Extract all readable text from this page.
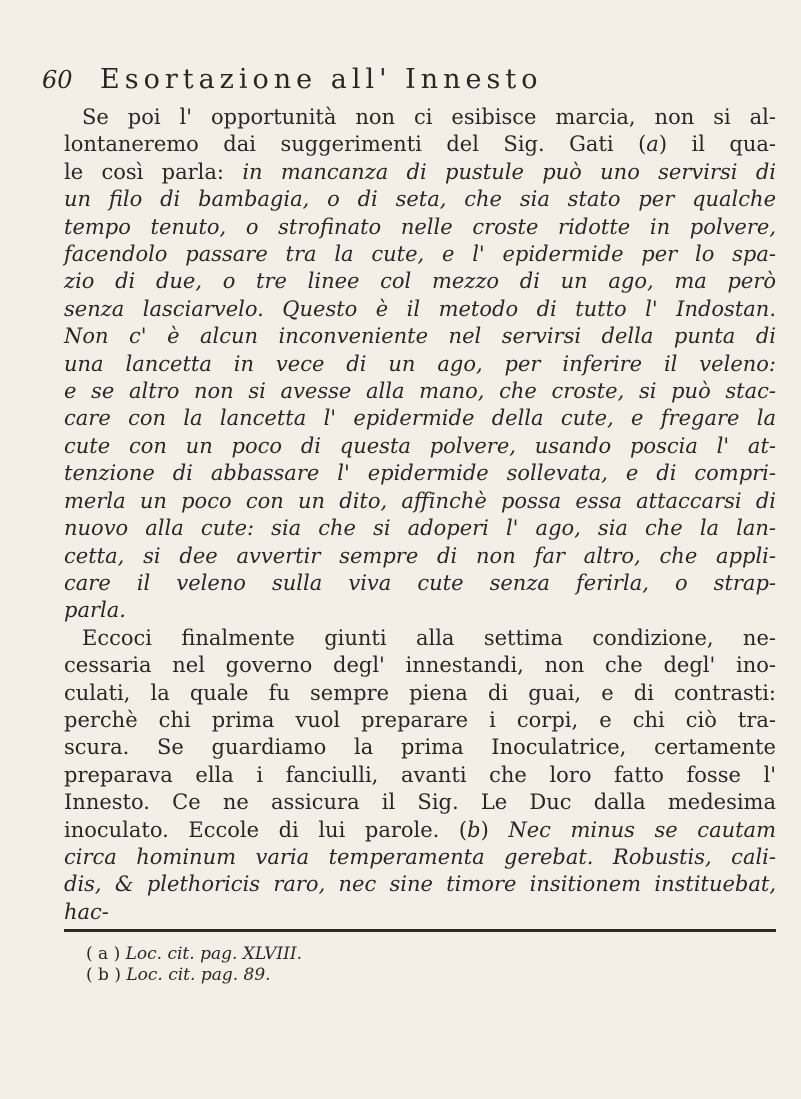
60 Esortazione all' Innesto

Se poi l' opportunità non ci esibisce marcia, non si al-

lontaneremo dai suggerimenti del Sig. Gati (a) il qua-

le così parla: in mancanza di pustule può uno servirsi di

un filo di bambagia, o di seta, che sia stato per qualche

tempo tenuto, o strofinato nelle croste ridotte in polvere,

facendolo passare tra la cute, e l' epidermide per lo spa-

zio di due, o tre linee col mezzo di un ago, ma però

senza lasciarvelo. Questo è il metodo di tutto l' Indostan.

Non c' è alcun inconveniente nel servirsi della punta di

una lancetta in vece di un ago, per inferire il veleno:

e se altro non si avesse alla mano, che croste, si può stac-

care con la lancetta l' epidermide della cute, e fregare la

cute con un poco di questa polvere, usando poscia l' at-

tenzione di abbassare l' epidermide sollevata, e di compri-

merla un poco con un dito, affinchè possa essa attaccarsi di

nuovo alla cute: sia che si adoperi l' ago, sia che la lan-

cetta, si dee avvertir sempre di non far altro, che appli-

care il veleno sulla viva cute senza ferirla, o strap-

parla.

Eccoci finalmente giunti alla settima condizione, ne-

cessaria nel governo degl' innestandi, non che degl' ino-

culati, la quale fu sempre piena di guai, e di contrasti:

perchè chi prima vuol preparare i corpi, e chi ciò tra-

scura. Se guardiamo la prima Inoculatrice, certamente

preparava ella i fanciulli, avanti che loro fatto fosse l'

Innesto. Ce ne assicura il Sig. Le Duc dalla medesima

inoculato. Eccole di lui parole. (b) Nec minus se cautam

circa hominum varia temperamenta gerebat. Robustis, cali-

dis, & plethoricis raro, nec sine timore insitionem instituebat,

hac-

( a ) Loc. cit. pag. XLVIII.

( b ) Loc. cit. pag. 89.
